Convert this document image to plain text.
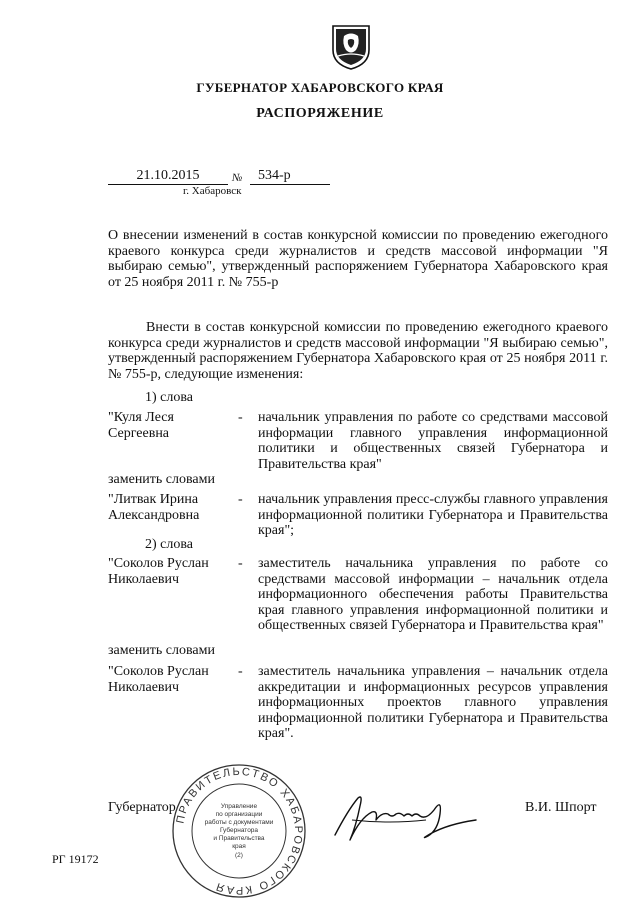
ГУБЕРНАТОР ХАБАРОВСКОГО КРАЯ
РАСПОРЯЖЕНИЕ
21.10.2015	№	534-р
г. Хабаровск
О внесении изменений в состав конкурсной комиссии по проведению ежегодного краевого конкурса среди журналистов и средств массовой информации "Я выбираю семью", утвержденный распоряжением Губернатора Хабаровского края от 25 ноября 2011 г. № 755-р
Внести в состав конкурсной комиссии по проведению ежегодного краевого конкурса среди журналистов и средств массовой информации "Я выбираю семью", утвержденный распоряжением Губернатора Хабаровского края от 25 ноября 2011 г. № 755-р, следующие изменения:
1) слова
"Куля Леся Сергеевна
- начальник управления по работе со средствами массовой информации главного управления информационной политики и общественных связей Губернатора и Правительства края"
заменить словами
"Литвак Ирина Александровна
- начальник управления пресс-службы главного управления информационной политики Губернатора и Правительства края";
2) слова
"Соколов Руслан Николаевич
- заместитель начальника управления по работе со средствами массовой информации – начальник отдела информационного обеспечения работы Правительства края главного управления информационной политики и общественных связей Губернатора и Правительства края"
заменить словами
"Соколов Руслан Николаевич
- заместитель начальника управления – начальник отдела аккредитации и информационных ресурсов управления информационных проектов главного управления информационной политики Губернатора и Правительства края".
Губернатор	В.И. Шпорт
ПРАВИТЕЛЬСТВО ХАБАРОВСКОГО КРАЯ
Управление
по организации
работы с документами
Губернатора
и Правительства
края
(2)
РГ 19172
